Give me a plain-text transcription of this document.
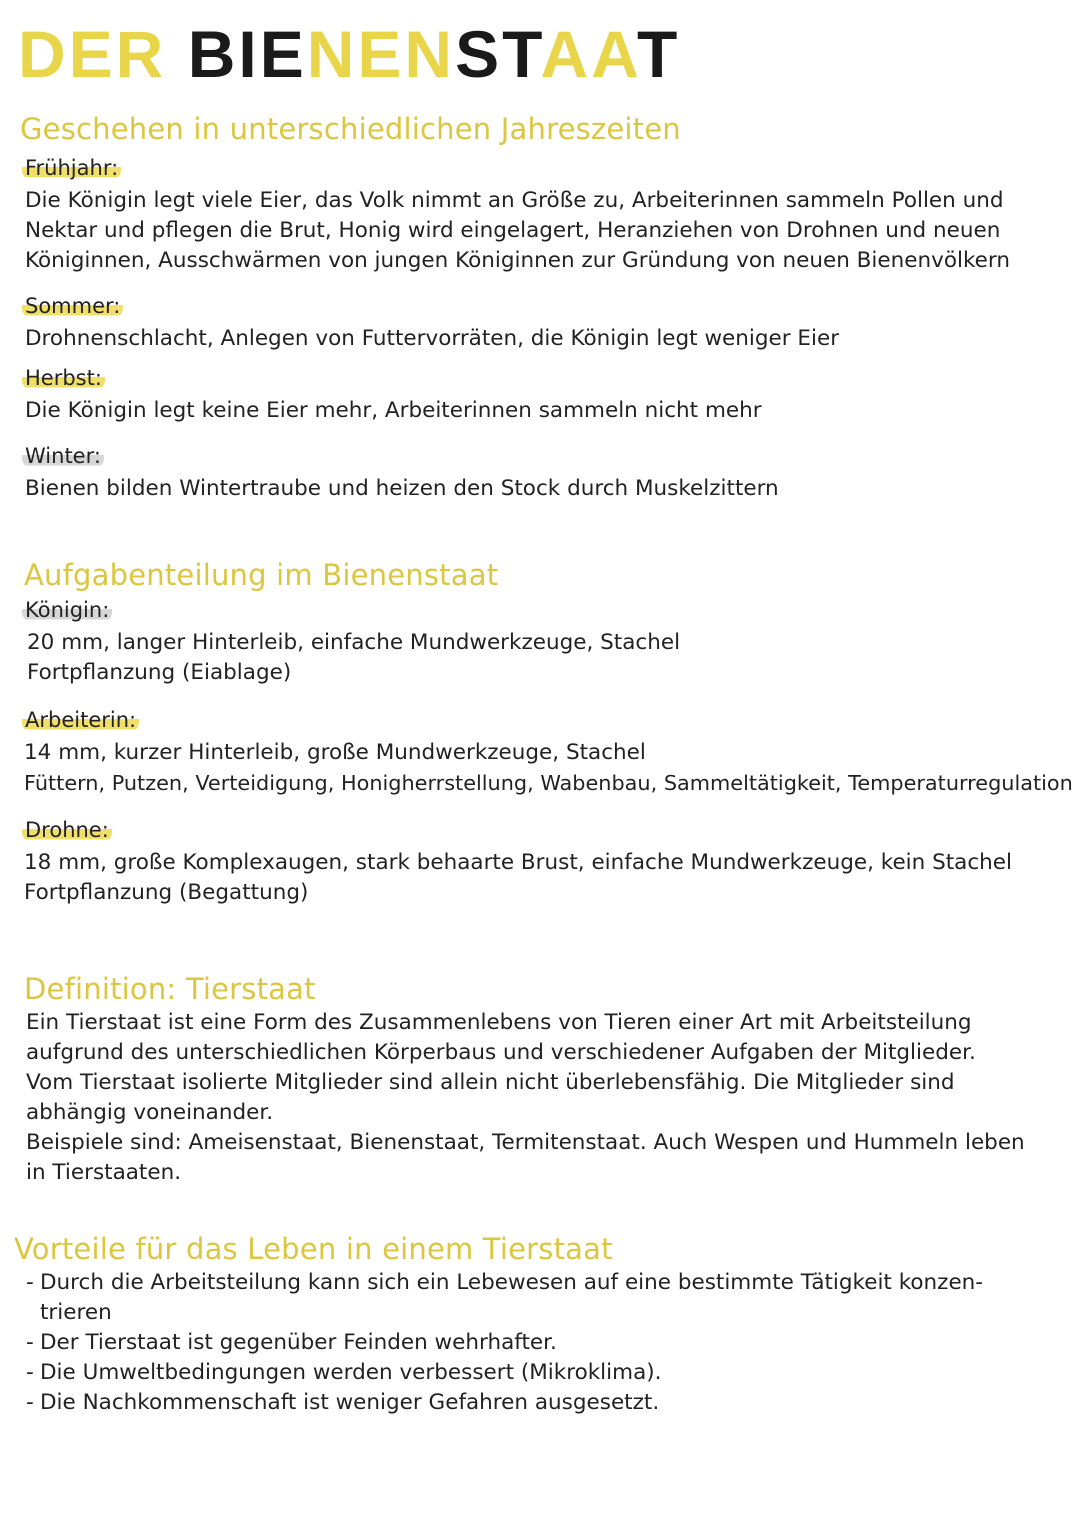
DER BIENENSTAAT
Geschehen in unterschiedlichen Jahreszeiten
Frühjahr:

Die Königin legt viele Eier, das Volk nimmt an Größe zu, Arbeiterinnen sammeln Pollen und
Nektar und pflegen die Brut, Honig wird eingelagert, Heranziehen von Drohnen und neuen
Königinnen, Ausschwärmen von jungen Königinnen zur Gründung von neuen Bienenvölkern

Sommer:

Drohnenschlacht, Anlegen von Futtervorräten, die Königin legt weniger Eier

Herbst:

Die Königin legt keine Eier mehr, Arbeiterinnen sammeln nicht mehr

Winter:

Bienen bilden Wintertraube und heizen den Stock durch Muskelzittern

Aufgabenteilung im Bienenstaat
Königin:

20 mm, langer Hinterleib, einfache Mundwerkzeuge, Stachel
Fortpflanzung (Eiablage)

Arbeiterin:

14 mm, kurzer Hinterleib, große Mundwerkzeuge, Stachel
Füttern, Putzen, Verteidigung, Honigherrstellung, Wabenbau, Sammeltätigkeit, Temperaturregulation

Drohne:

18 mm, große Komplexaugen, stark behaarte Brust, einfache Mundwerkzeuge, kein Stachel
Fortpflanzung (Begattung)

Definition: Tierstaat

Ein Tierstaat ist eine Form des Zusammenlebens von Tieren einer Art mit Arbeitsteilung
aufgrund des unterschiedlichen Körperbaus und verschiedener Aufgaben der Mitglieder.
Vom Tierstaat isolierte Mitglieder sind allein nicht überlebensfähig. Die Mitglieder sind
abhängig voneinander.
Beispiele sind: Ameisenstaat, Bienenstaat, Termitenstaat. Auch Wespen und Hummeln leben
in Tierstaaten.

Vorteile für das Leben in einem Tierstaat
- Durch die Arbeitsteilung kann sich ein Lebewesen auf eine bestimmte Tätigkeit konzen-
trieren
- Der Tierstaat ist gegenüber Feinden wehrhafter.
- Die Umweltbedingungen werden verbessert (Mikroklima).
- Die Nachkommenschaft ist weniger Gefahren ausgesetzt.
